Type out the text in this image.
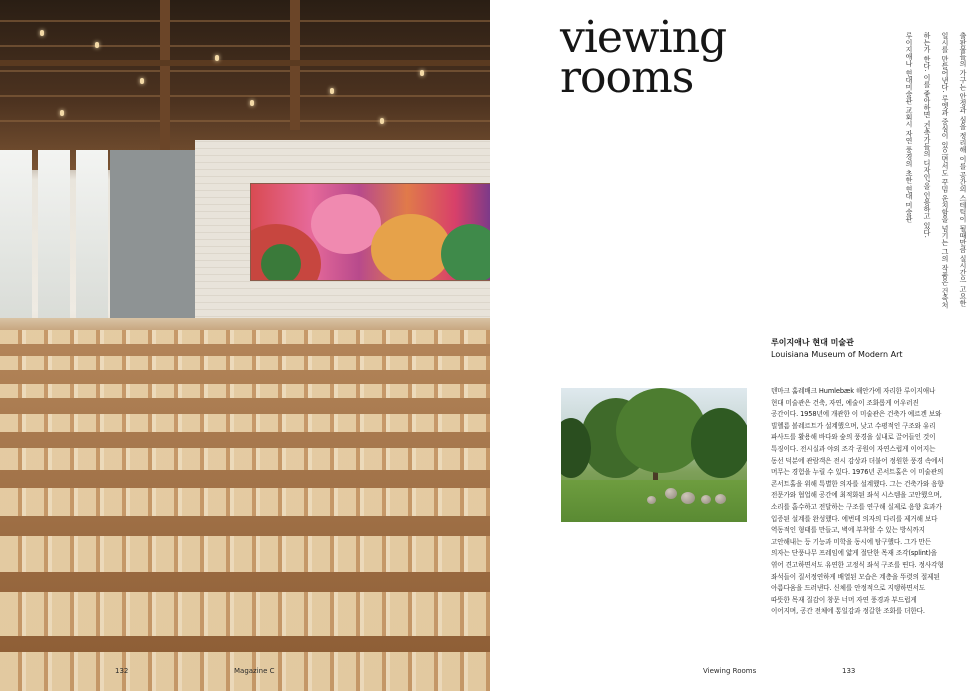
132	Magazine C
viewing
rooms	출판물들의 가구는 안정과 심을 정리해 이를 공간의 스테틱이 될때만큼 실시간으 고요한
일시를 만들어낸다. 루엣과 중심이 있으면서도 꾸밈 운치함을 넘기는 그의 작품은 건축처
하는가 한다. 이를 좋아하면 '건축가들의 디자인'을 인용하고 있다.
루이지애나 현대미술관 교회시 자연 풍경의 초한 현대 미술관
루이지애나 현대 미술관
Louisiana Museum of Modern Art
덴마크 훔레배크 Humlebæk 해안가에 자리한 루이지애나
현대 미술관은 건축, 자연, 예술이 조화롭게 어우러진
공간이다. 1958년에 개관한 이 미술관은 건축가 예르겐 보와
빌헬름 볼레르트가 설계했으며, 낮고 수평적인 구조와 유리
파사드를 활용해 바다와 숲의 풍경을 실내로 끌어들인 것이
특징이다. 전시실과 야외 조각 공원이 자연스럽게 이어지는
동선 덕분에 관람객은 전시 감상과 더불어 정원한 풍경 속에서
머무는 경험을 누릴 수 있다. 1976년 콘서트홀은 이 미술관의
콘서트홀을 위해 특별한 의자를 설계했다. 그는 건축가와 음향
전문가와 협업해 공간에 최적화된 좌석 시스템을 고안했으며,
소리를 흡수하고 전달하는 구조를 연구해 실제로 음향 효과가
입증된 설계를 완성했다. 에번데 의자의 다리를 제거해 보다
역동적인 형태를 만들고, 벽에 부착할 수 있는 방식까지
고안해내는 등 기능과 미학을 동시에 탐구했다. 그가 만든
의자는 단풍나무 프레임에 얇게 절단한 목재 조각(splint)을
엮어 견고하면서도 유연한 고정식 좌석 구조를 띤다. 정사각형
좌석들이 질서정연하게 배열된 모습은 계층을 뚜렷의 절제된
아름다움을 드러낸다. 신체를 안정적으로 지탱하면서도
따뜻한 목재 질감이 창문 너머 자연 풍경과 부드럽게
이어지며, 공간 전체에 통일감과 정갈한 조화를 더한다.
Viewing Rooms	133
